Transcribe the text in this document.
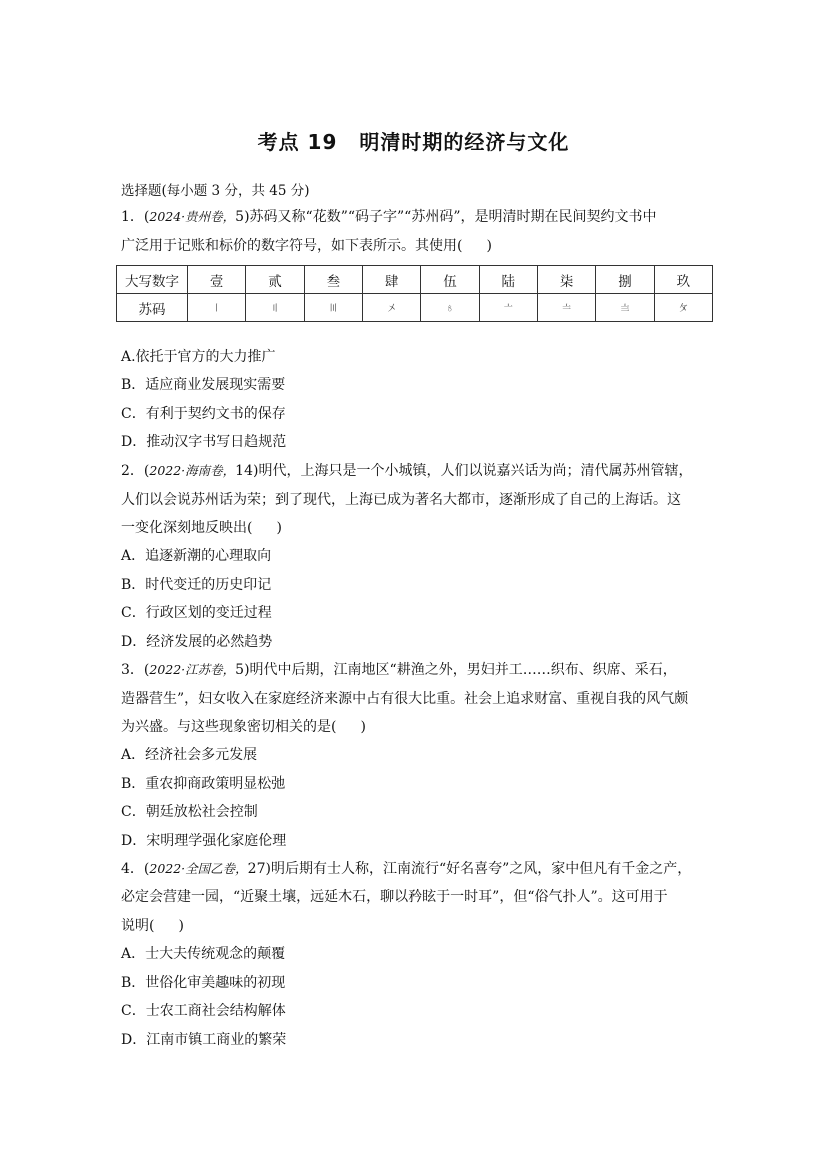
考点 19 明清时期的经济与文化
选择题(每小题 3 分，共 45 分)
1．(2024·贵州卷，5)苏码又称“花数”“码子字”“苏州码”，是明清时期在民间契约文书中
广泛用于记账和标价的数字符号，如下表所示。其使用( )
大写数字	壹	贰	叁	肆	伍	陆	柒	捌	玖
苏码	〡	〢	〣	〤	〥	〦	〧	〨	〩
A.依托于官方的大力推广
B．适应商业发展现实需要
C．有利于契约文书的保存
D．推动汉字书写日趋规范
2．(2022·海南卷，14)明代，上海只是一个小城镇，人们以说嘉兴话为尚；清代属苏州管辖，
人们以会说苏州话为荣；到了现代，上海已成为著名大都市，逐渐形成了自己的上海话。这
一变化深刻地反映出( )
A．追逐新潮的心理取向
B．时代变迁的历史印记
C．行政区划的变迁过程
D．经济发展的必然趋势
3．(2022·江苏卷，5)明代中后期，江南地区“耕渔之外，男妇并工……织布、织席、采石，
造器营生”，妇女收入在家庭经济来源中占有很大比重。社会上追求财富、重视自我的风气颇
为兴盛。与这些现象密切相关的是( )
A．经济社会多元发展
B．重农抑商政策明显松弛
C．朝廷放松社会控制
D．宋明理学强化家庭伦理
4．(2022·全国乙卷，27)明后期有士人称，江南流行“好名喜夸”之风，家中但凡有千金之产，
必定会营建一园，“近聚土壤，远延木石，聊以矜眩于一时耳”，但“俗气扑人”。这可用于
说明( )
A．士大夫传统观念的颠覆
B．世俗化审美趣味的初现
C．士农工商社会结构解体
D．江南市镇工商业的繁荣
